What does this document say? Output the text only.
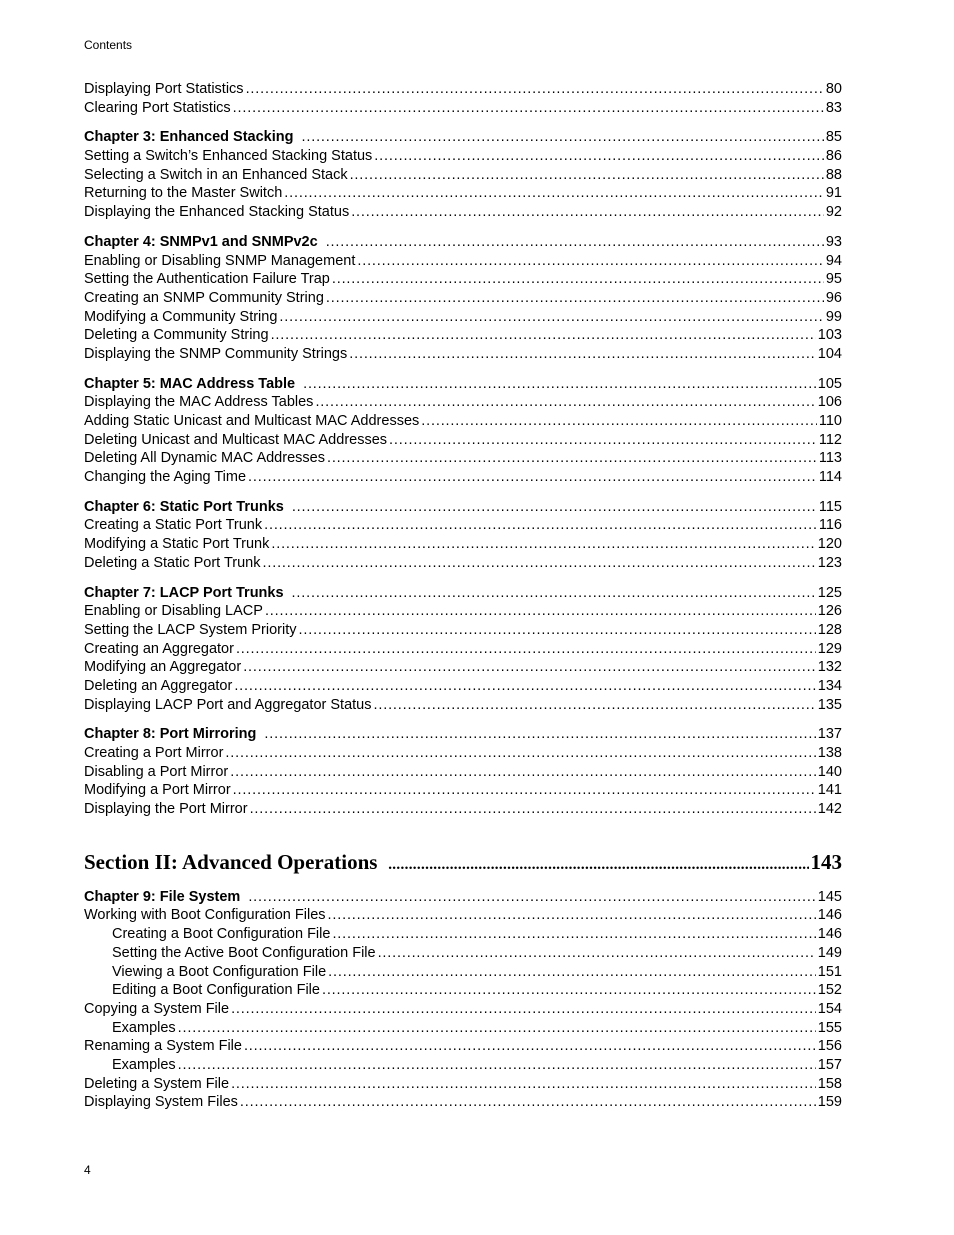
Contents
Displaying Port Statistics . . .	80
Clearing Port Statistics . . .	83
Chapter 3: Enhanced Stacking . . .	85
Setting a Switch’s Enhanced Stacking Status . . .	86
Selecting a Switch in an Enhanced Stack . . .	88
Returning to the Master Switch . . .	91
Displaying the Enhanced Stacking Status . . .	92
Chapter 4: SNMPv1 and SNMPv2c . . .	93
Enabling or Disabling SNMP Management . . .	94
Setting the Authentication Failure Trap . . .	95
Creating an SNMP Community String . . .	96
Modifying a Community String . . .	99
Deleting a Community String . . .	103
Displaying the SNMP Community Strings . . .	104
Chapter 5: MAC Address Table . . .	105
Displaying the MAC Address Tables . . .	106
Adding Static Unicast and Multicast MAC Addresses . . .	110
Deleting Unicast and Multicast MAC Addresses . . .	112
Deleting All Dynamic MAC Addresses . . .	113
Changing the Aging Time . . .	114
Chapter 6: Static Port Trunks . . .	115
Creating a Static Port Trunk . . .	116
Modifying a Static Port Trunk . . .	120
Deleting a Static Port Trunk . . .	123
Chapter 7: LACP Port Trunks . . .	125
Enabling or Disabling LACP . . .	126
Setting the LACP System Priority . . .	128
Creating an Aggregator . . .	129
Modifying an Aggregator . . .	132
Deleting an Aggregator . . .	134
Displaying LACP Port and Aggregator Status . . .	135
Chapter 8: Port Mirroring . . .	137
Creating a Port Mirror . . .	138
Disabling a Port Mirror . . .	140
Modifying a Port Mirror . . .	141
Displaying the Port Mirror . . .	142
Section II: Advanced Operations . . .	143
Chapter 9: File System . . .	145
Working with Boot Configuration Files . . .	146
Creating a Boot Configuration File . . .	146
Setting the Active Boot Configuration File . . .	149
Viewing a Boot Configuration File . . .	151
Editing a Boot Configuration File . . .	152
Copying a System File . . .	154
Examples . . .	155
Renaming a System File . . .	156
Examples . . .	157
Deleting a System File . . .	158
Displaying System Files . . .	159
4
